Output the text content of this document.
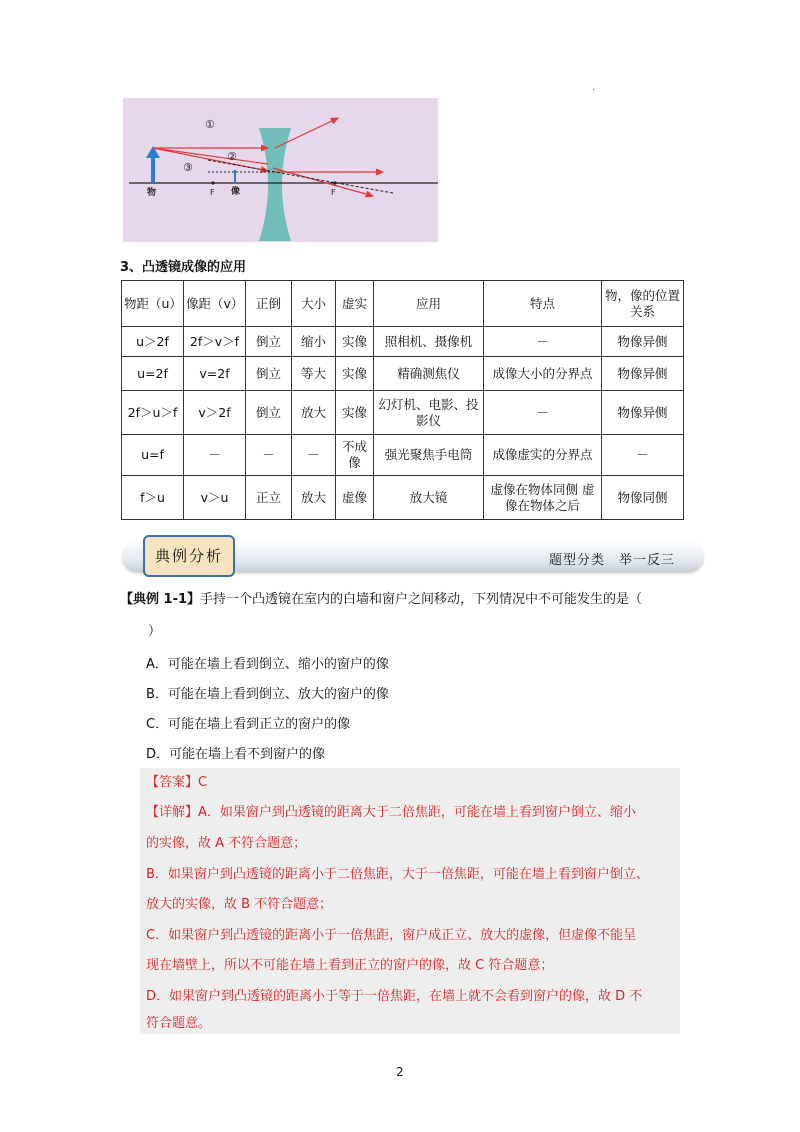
.
①
②
③
物	像
F	F
3、凸透镜成像的应用
物距（u）	像距（v）	正倒	大小	虚实	应用	特点	物，像的位置关系
u＞2f	2f＞v＞f	倒立	缩小	实像	照相机、摄像机	－	物像异侧
u=2f	v=2f	倒立	等大	实像	精确测焦仪	成像大小的分界点	物像异侧
2f＞u＞f	v＞2f	倒立	放大	实像	幻灯机、电影、投影仪	－	物像异侧
u=f	－	－	－	不成像	强光聚焦手电筒	成像虚实的分界点	－
f＞u	v＞u	正立	放大	虚像	放大镜	虚像在物体同侧 虚像在物体之后	物像同侧
典例分析	题型分类　举一反三
【典例 1-1】手持一个凸透镜在室内的白墙和窗户之间移动，下列情况中不可能发生的是（
）
A．可能在墙上看到倒立、缩小的窗户的像
B．可能在墙上看到倒立、放大的窗户的像
C．可能在墙上看到正立的窗户的像
D．可能在墙上看不到窗户的像
【答案】C
【详解】A．如果窗户到凸透镜的距离大于二倍焦距，可能在墙上看到窗户倒立、缩小
的实像，故 A 不符合题意；
B．如果窗户到凸透镜的距离小于二倍焦距，大于一倍焦距，可能在墙上看到窗户倒立、
放大的实像，故 B 不符合题意；
C．如果窗户到凸透镜的距离小于一倍焦距，窗户成正立、放大的虚像，但虚像不能呈
现在墙壁上，所以不可能在墙上看到正立的窗户的像，故 C 符合题意；
D．如果窗户到凸透镜的距离小于等于一倍焦距，在墙上就不会看到窗户的像，故 D 不
符合题意。
2
